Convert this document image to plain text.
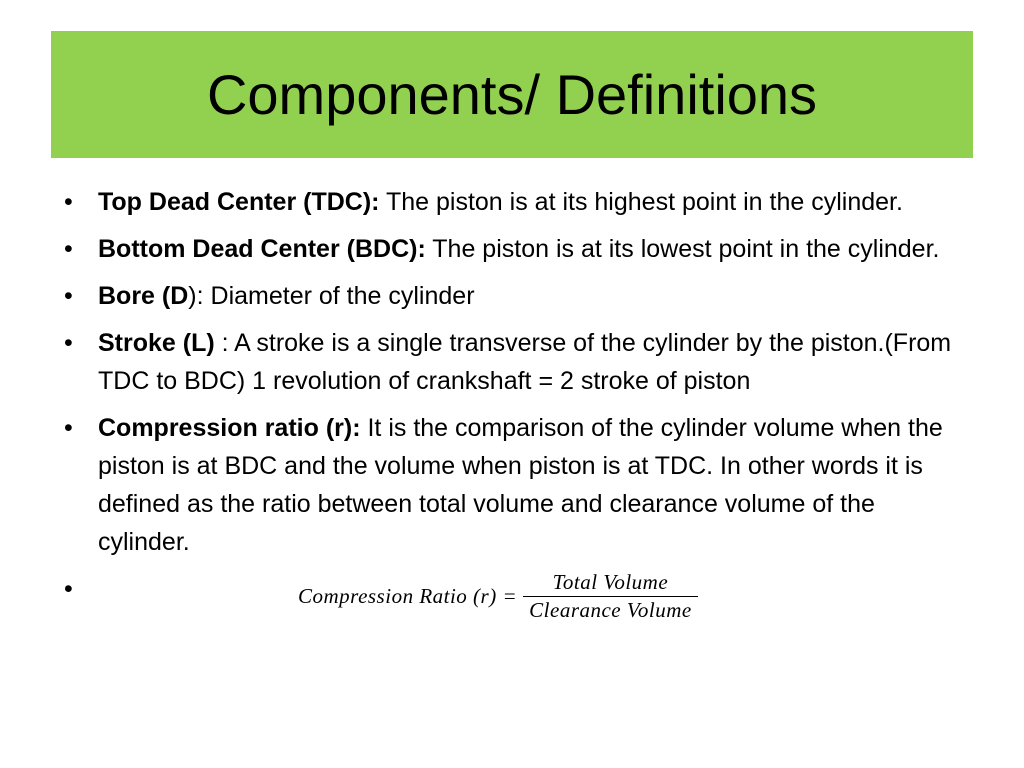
Components/ Definitions
•	Top Dead Center (TDC): The piston is at its highest point in the cylinder.
•	Bottom Dead Center (BDC): The piston is at its lowest point in the cylinder.
•	Bore (D): Diameter of the cylinder
•	Stroke (L) : A stroke is a single transverse of the cylinder by the piston.(From TDC to BDC) 1 revolution of crankshaft = 2 stroke of piston
•	Compression ratio (r): It is the comparison of the cylinder volume when the piston is at BDC and the volume when piston is at TDC. In other words it is defined as the ratio between total volume and clearance volume of the cylinder.
•	Compression Ratio $(r) = \frac{\text{Total Volume}}{\text{Clearance Volume}}$
